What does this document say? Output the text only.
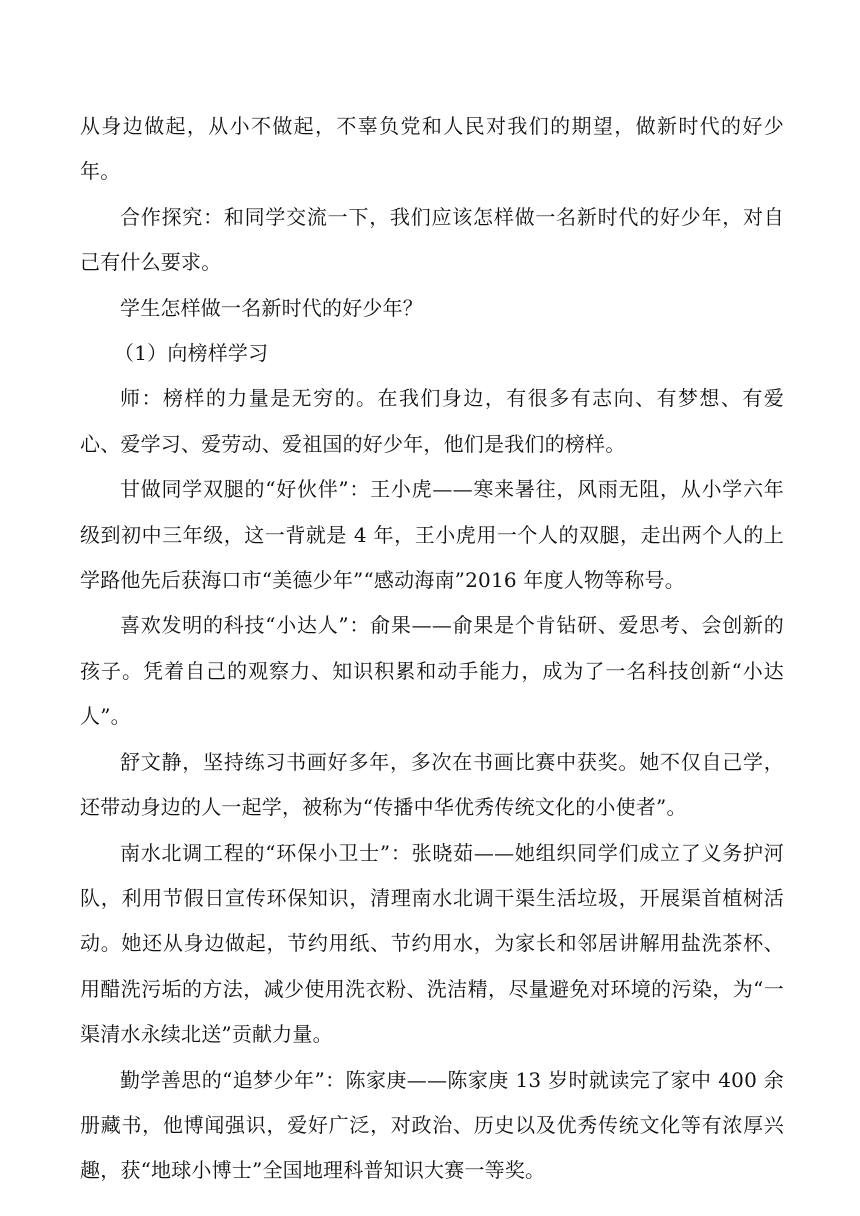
从身边做起，从小不做起，不辜负党和人民对我们的期望，做新时代的好少年。

合作探究：和同学交流一下，我们应该怎样做一名新时代的好少年，对自己有什么要求。

学生怎样做一名新时代的好少年？

（1）向榜样学习

师：榜样的力量是无穷的。在我们身边，有很多有志向、有梦想、有爱心、爱学习、爱劳动、爱祖国的好少年，他们是我们的榜样。

甘做同学双腿的“好伙伴”：王小虎——寒来暑往，风雨无阻，从小学六年级到初中三年级，这一背就是 4 年，王小虎用一个人的双腿，走出两个人的上学路他先后获海口市“美德少年”“感动海南”2016 年度人物等称号。

喜欢发明的科技“小达人”：俞果——俞果是个肯钻研、爱思考、会创新的孩子。凭着自己的观察力、知识积累和动手能力，成为了一名科技创新“小达人”。

舒文静，坚持练习书画好多年，多次在书画比赛中获奖。她不仅自己学，还带动身边的人一起学，被称为“传播中华优秀传统文化的小使者”。

南水北调工程的“环保小卫士”：张晓茹——她组织同学们成立了义务护河队，利用节假日宣传环保知识，清理南水北调干渠生活垃圾，开展渠首植树活动。她还从身边做起，节约用纸、节约用水，为家长和邻居讲解用盐洗茶杯、用醋洗污垢的方法，减少使用洗衣粉、洗洁精，尽量避免对环境的污染，为“一渠清水永续北送”贡献力量。

勤学善思的“追梦少年”：陈家庚——陈家庚 13 岁时就读完了家中 400 余册藏书，他博闻强识，爱好广泛，对政治、历史以及优秀传统文化等有浓厚兴趣，获“地球小博士”全国地理科普知识大赛一等奖。
